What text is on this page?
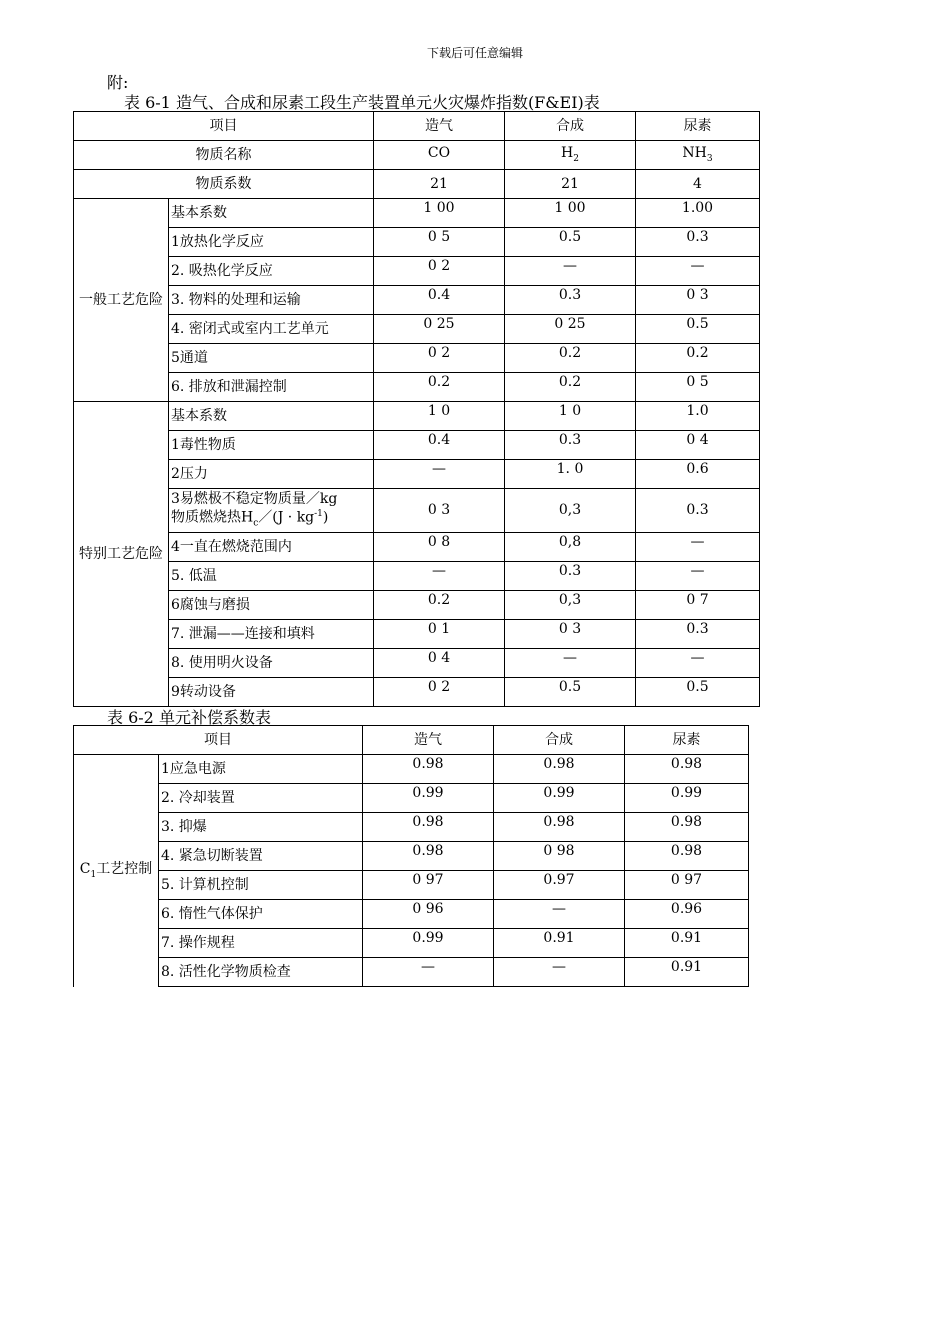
下载后可任意编辑
附:
表 6-1 造气、合成和尿素工段生产装置单元火灾爆炸指数(F&EI)表
项目		造气	合成	尿素
物质名称		CO	$H_2$	$NH_3$
物质系数		21	21	4
一般工艺危险	基本系数	1 00	1 00	1.00
	1放热化学反应	0 5	0.5	0.3
	2. 吸热化学反应	0 2	—	—
	3. 物料的处理和运输	0.4	0.3	0 3
	4. 密闭式或室内工艺单元	0 25	0 25	0.5
	5通道	0 2	0.2	0.2
	6. 排放和泄漏控制	0.2	0.2	0 5
特别工艺危险	基本系数	1 0	1 0	1.0
	1毒性物质	0.4	0.3	0 4
	2压力	—	1. 0	0.6
	3易燃极不稳定物质量／kg
物质燃烧热$H_c/(J \cdot kg^{-1})$	0 3	0,3	0.3
	4一直在燃烧范围内	0 8	0,8	—
	5. 低温	—	0.3	—
	6腐蚀与磨损	0.2	0,3	0 7
	7. 泄漏——连接和填料	0 1	0 3	0.3
	8. 使用明火设备	0 4	—	—
	9转动设备	0 2	0.5	0.5
表 6-2 单元补偿系数表
项目		造气	合成	尿素
$C_1$工艺控制	1应急电源	0.98	0.98	0.98
	2. 冷却装置	0.99	0.99	0.99
	3. 抑爆	0.98	0.98	0.98
	4. 紧急切断装置	0.98	0 98	0.98
	5. 计算机控制	0 97	0.97	0 97
	6. 惰性气体保护	0 96	—	0.96
	7. 操作规程	0.99	0.91	0.91
	8. 活性化学物质检查	—	—	0.91
